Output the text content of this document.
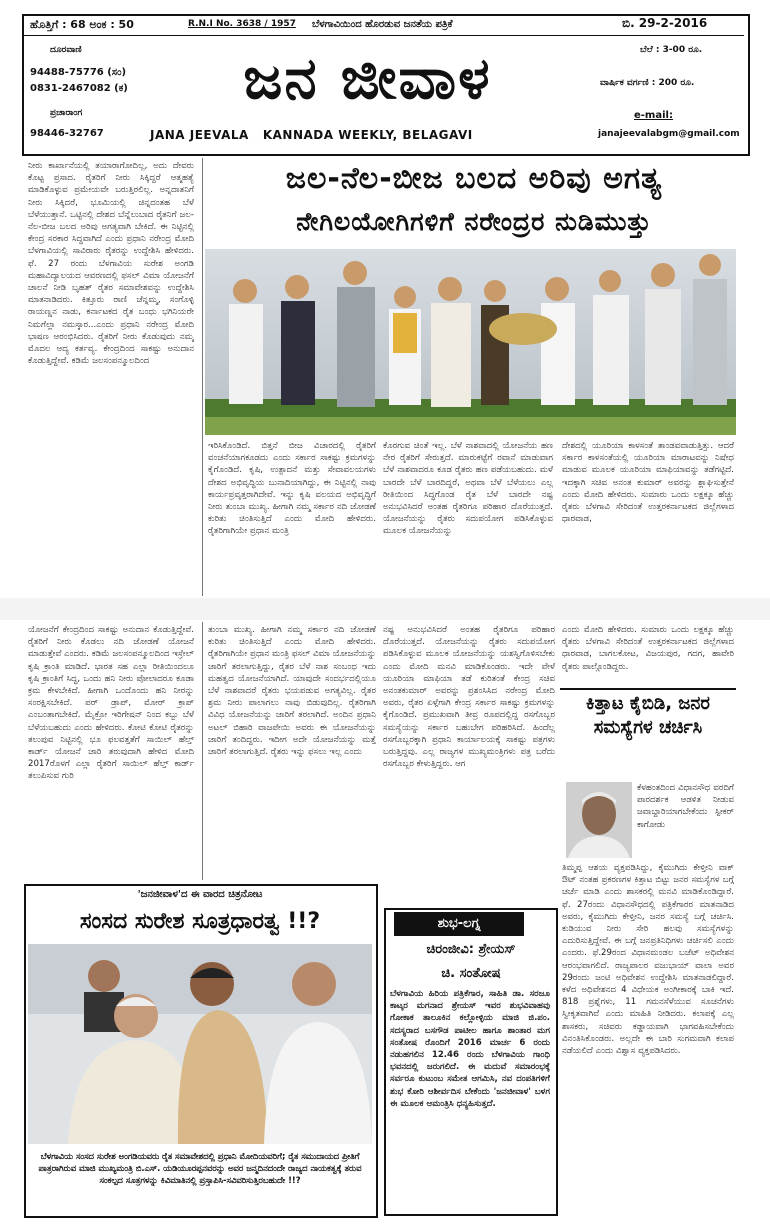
ಹೊತ್ತಿಗೆ : 68 ಅಂಕ : 50	R.N.I No. 3638 / 1957 ಬೆಳಗಾವಿಯಿಂದ ಹೊರಡುವ ಜನತೆಯ ಪತ್ರಿಕೆ	ಬಿ. 29-2-2016
ದೂರವಾಣಿ
94488-75776 (ಸಂ)
0831-2467082 (ಕ)
ಪ್ರಚಾರಾಂಗ
98446-32767
ಜನ ಜೀವಾಳ
JANA JEEVALA   KANNADA WEEKLY, BELAGAVI
ಬೆಲೆ : 3-00 ರೂ.
ವಾರ್ಷಿಕ ವರ್ಗಣಿ : 200 ರೂ.
e-mail:
janajeevalabgm@gmail.com
ನೀರು ಕಾರ್ಖಾನೆಯಲ್ಲಿ ತಯಾರಾಗೋದಿಲ್ಲ, ಅದು ದೇವರು ಕೊಟ್ಟ ಪ್ರಸಾದ. ರೈತರಿಗೆ ನೀರು ಸಿಕ್ಕಿದ್ದರೆ ಆತ್ಮಹತ್ಯೆ ಮಾಡಿಕೊಳ್ಳುವ ಪ್ರಮೇಯವೇ ಬರುತ್ತಿರಲಿಲ್ಲ. ಅನ್ನದಾತನಿಗೆ ನೀರು ಸಿಕ್ಕಿದರೆ, ಭೂಮಿಯಲ್ಲಿ ಚಿನ್ನದಂತಹ ಬೆಳೆ ಬೆಳೆಯುತ್ತಾನೆ. ಒಟ್ಟಿನಲ್ಲಿ ದೇಶದ ಬೆನ್ನೆಲುಬಾದ ರೈತನಿಗೆ ಜಲ-ನೆಲ-ಬೀಜ ಬಲದ ಅರಿವು ಅಗತ್ಯವಾಗಿ ಬೇಕಿದೆ. ಈ ನಿಟ್ಟಿನಲ್ಲಿ ಕೇಂದ್ರ ಸರಕಾರ ಸಿದ್ಧವಾಗಿದೆ ಎಂದು ಪ್ರಧಾನಿ ನರೇಂದ್ರ ಮೋದಿ ಬೆಳಗಾವಿಯಲ್ಲಿ ಸಾವಿರಾರು ರೈತರನ್ನು ಉದ್ದೇಶಿಸಿ ಹೇಳಿದರು. ಫೆ. 27 ರಂದು ಬೆಳಗಾವಿಯ ಸುರೇಶ ಅಂಗಡಿ ಮಹಾವಿದ್ಯಾಲಯದ ಆವರಣದಲ್ಲಿ ಫಸಲ್ ವಿಮಾ ಯೋಜನೆಗೆ ಚಾಲನೆ ನೀಡಿ ಬೃಹತ್ ರೈತರ ಸಮಾವೇಶವನ್ನು ಉದ್ದೇಶಿಸಿ ಮಾತನಾಡಿದರು. ಕಿತ್ತೂರು ರಾಣಿ ಚೆನ್ನಮ್ಮ, ಸಂಗೊಳ್ಳಿ ರಾಯಣ್ಣನ ನಾಡು, ಕರ್ನಾಟಕದ ರೈತ ಬಂಧು ಭಗಿನಿಯರೇ ನಿಮಗೆಲ್ಲಾ ನಮಸ್ಕಾರ...ಎಂದು ಪ್ರಧಾನಿ ನರೇಂದ್ರ ಮೋದಿ ಭಾಷಣ ಆರಂಭಿಸಿದರು. ರೈತರಿಗೆ ನೀರು ಕೊಡುವುದು ನಮ್ಮ ಮೊದಲ ಆದ್ಯ ಕರ್ತವ್ಯ. ಕೇಂದ್ರದಿಂದ ಸಾಕಷ್ಟು ಅನುದಾನ ಕೊಡುತ್ತಿದ್ದೇವೆ. ಕಡಿಮೆ ಜಲಸಂಪನ್ಮೂಲದಿಂದ
ಜಲ-ನೆಲ-ಬೀಜ ಬಲದ ಅರಿವು ಅಗತ್ಯ
ನೇಗಿಲಯೋಗಿಗಳಿಗೆ ನರೇಂದ್ರರ ನುಡಿಮುತ್ತು
ಇರಿಸಿಕೊಂಡಿದೆ. ಬಿತ್ತನೆ ಬೀಜ ವಿಚಾರದಲ್ಲಿ ರೈತರಿಗೆ ವಂಚನೆಯಾಗಕೂಡದು ಎಂದು ಸರ್ಕಾರ ಸಾಕಷ್ಟು ಕ್ರಮಗಳನ್ನು ಕೈಗೊಂಡಿದೆ. ಕೃಷಿ, ಉತ್ಪಾದನೆ ಮತ್ತು ಸೇವಾವಲಯಗಳು ದೇಶದ ಅಭಿವೃದ್ಧಿಯ ಬುನಾದಿಯಾಗಿದ್ದು, ಈ ನಿಟ್ಟಿನಲ್ಲಿ ನಾವು ಕಾರ್ಯಪ್ರವೃತ್ತರಾಗಿದೇವೆ. ಇನ್ನು ಕೃಷಿ ವಲಯದ ಅಭಿವೃದ್ಧಿಗೆ ನೀರು ತುಂಬಾ ಮುಖ್ಯ. ಹೀಗಾಗಿ ನಮ್ಮ ಸರ್ಕಾರ ನದಿ ಜೋಡಣೆ ಕುರಿತು ಚಿಂತಿಸುತ್ತಿದೆ ಎಂದು ಮೋದಿ ಹೇಳಿದರು. ರೈತರಿಗಾಗಿಯೇ ಪ್ರಧಾನ ಮಂತ್ರಿ
ಕೊರಗುವ ಚಿಂತೆ ಇಲ್ಲ. ಬೆಳೆ ನಾಶವಾದಲ್ಲಿ ಯೋಜನೆಯ ಹಣ ನೇರ ರೈತರಿಗೆ ಸೇರುತ್ತದೆ. ಮಾರುಕಟ್ಟೆಗೆ ರವಾನೆ ಮಾಡುವಾಗ ಬೆಳೆ ನಾಶವಾದರೂ ಕೂಡ ರೈತರು ಹಣ ಪಡೆಯಬಹುದು. ಮಳೆ ಬಾರದೇ ಬೆಳೆ ಬಾರದಿದ್ದರೆ, ಅಥವಾ ಬೆಳೆ ಬೆಳೆಯಲು ಎಲ್ಲ ರೀತಿಯಿಂದ ಸಿದ್ಧಗೊಂಡ ರೈತ ಬೆಳೆ ಬಾರದೇ ನಷ್ಟ ಅನುಭವಿಸಿದರೆ ಅಂತಹ ರೈತರಿಗೂ ಪರಿಹಾರ ದೊರೆಯುತ್ತದೆ. ಯೋಜನೆಯನ್ನು ರೈತರು ಸದುಪಯೋಗ ಪಡಿಸಿಕೊಳ್ಳುವ ಮೂಲಕ ಯೋಜನೆಯನ್ನು
ದೇಶದಲ್ಲಿ ಯೂರಿಯಾ ಕಾಳಸಂತೆ ತಾಂಡವವಾಡುತ್ತಿತ್ತು. ಆದರೆ ಸರ್ಕಾರ ಕಾಳಸಂತೆಯಲ್ಲಿ ಯೂರಿಯಾ ಮಾರಾಟವನ್ನು ನಿಷೇಧ ಮಾಡುವ ಮೂಲಕ ಯೂರಿಯಾ ಮಾಫಿಯಾವನ್ನು ತಡೆಗಟ್ಟಿದೆ. ಇದಕ್ಕಾಗಿ ಸಚಿವ ಅನಂತ ಕುಮಾರ್ ಅವರನ್ನು ಶ್ಲಾಘಿಸುತ್ತೇನೆ ಎಂದು ಮೋದಿ ಹೇಳಿದರು. ಸುಮಾರು ಒಂದು ಲಕ್ಷಕ್ಕೂ ಹೆಚ್ಚು ರೈತರು ಬೆಳಗಾವಿ ಸೇರಿದಂತೆ ಉತ್ತರಕರ್ನಾಟಕದ ಜಿಲ್ಲೆಗಳಾದ ಧಾರವಾಡ,
ಯೋಜನೆಗೆ ಕೇಂದ್ರದಿಂದ ಸಾಕಷ್ಟು ಅನುದಾನ ಕೊಡುತ್ತಿದ್ದೇವೆ. ರೈತರಿಗೆ ನೀರು ಕೊಡಲು ನದಿ ಜೋಡಣೆ ಯೋಜನೆ ಮಾಡುತ್ತೇವೆ ಎಂದರು. ಕಡಿಮೆ ಜಲಸಂಪನ್ಮೂಲದಿಂದ ಇಸ್ರೇಲ್ ಕೃಷಿ ಕ್ರಾಂತಿ ಮಾಡಿದೆ. ಭಾರತ ಸಹ ಎಲ್ಲಾ ರೀತಿಯಿಂದಲೂ ಕೃಷಿ ಕ್ರಾಂತಿಗೆ ಸಿದ್ಧ, ಒಂದು ಹನಿ ನೀರು ಪೋಲಾದರೂ ಕೂಡಾ ಕ್ರಮ ಕೇಳಬೇಕಿದೆ. ಹೀಗಾಗಿ ಒಂದೊಂದು ಹನಿ ನೀರನ್ನು ಸಂರಕ್ಷಿಸಬೇಕಿದೆ. ಪರ್ ಡ್ರಾಪ್, ಮೋರ್ ಕ್ರಾಪ್ ಎಂಬಂತಾಗಬೇಕಿದೆ. ಮೈಕ್ರೋ ಇರಿಗೇಷನ್ ನಿಂದ ಕಬ್ಬು ಬೆಳೆ ಬೆಳೆಯಬಹುದು ಎಂದು ಹೇಳಿದರು. ಕೋಟಿ ಕೋಟಿ ರೈತರನ್ನು ತಲುಪುವ ನಿಟ್ಟಿನಲ್ಲಿ ಭೂ ಫಲವತ್ತತೆಗೆ ಸಾಯಿಲ್ ಹೆಲ್ತ್ ಕಾರ್ಡ್ ಯೋಜನೆ ಜಾರಿ ತರುವುದಾಗಿ ಹೇಳಿದ ಮೋದಿ 2017ರೊಳಗೆ ಎಲ್ಲಾ ರೈತರಿಗೆ ಸಾಯಿಲ್ ಹೆಲ್ತ್ ಕಾರ್ಡ್ ತಲುಪಿಸುವ ಗುರಿ
ತುಂಬಾ ಮುಖ್ಯ. ಹೀಗಾಗಿ ನಮ್ಮ ಸರ್ಕಾರ ನದಿ ಜೋಡಣೆ ಕುರಿತು ಚಿಂತಿಸುತ್ತಿದೆ ಎಂದು ಮೋದಿ ಹೇಳಿದರು. ರೈತರಿಗಾಗಿಯೇ ಪ್ರಧಾನ ಮಂತ್ರಿ ಫಸಲ್ ವಿಮಾ ಯೋಜನೆಯನ್ನು ಜಾರಿಗೆ ತರಲಾಗುತ್ತಿದ್ದು, ರೈತರ ಬೆಳೆ ನಾಶ ಸಂಬಂಧ ಇದು ಮಹತ್ವದ ಯೋಜನೆಯಾಗಿದೆ. ಯಾವುದೇ ಸಂದರ್ಭದಲ್ಲಿಯೂ ಬೆಳೆ ನಾಶವಾದರೆ ರೈತರು ಭಯಪಡುವ ಅಗತ್ಯವಿಲ್ಲ. ರೈತರ ಶ್ರಮ ನೀರು ಪಾಲಾಗಲು ನಾವು ಬಿಡುವುದಿಲ್ಲ. ರೈತರಿಗಾಗಿ ವಿವಿಧ ಯೋಜನೆಯನ್ನು ಜಾರಿಗೆ ತರಲಾಗಿದೆ. ಅಂದಿನ ಪ್ರಧಾನಿ ಅಟಲ್ ಬಿಹಾರಿ ವಾಜಪೇಯಿ ಅವರು ಈ ಯೋಜನೆಯನ್ನು ಜಾರಿಗೆ ತಂದಿದ್ದರು. ಇದೀಗ ಅದೇ ಯೋಜನೆಯನ್ನು ಮತ್ತೆ ಜಾರಿಗೆ ತರಲಾಗುತ್ತಿದೆ. ರೈತರು ಇನ್ನು ಫಸಲು ಇಲ್ಲ ಎಂದು
ನಷ್ಟ ಅನುಭವಿಸಿದರೆ ಅಂತಹ ರೈತರಿಗೂ ಪರಿಹಾರ ದೊರೆಯುತ್ತದೆ. ಯೋಜನೆಯನ್ನು ರೈತರು ಸದುಪಯೋಗ ಪಡಿಸಿಕೊಳ್ಳುವ ಮೂಲಕ ಯೋಜನೆಯನ್ನು ಯಶಸ್ವಿಗೊಳಿಸಬೇಕು ಎಂದು ಮೋದಿ ಮನವಿ ಮಾಡಿಕೊಂಡರು. ಇದೇ ವೇಳೆ ಯೂರಿಯಾ ಮಾಫಿಯಾ ತಡೆ ಕುರಿತಂತೆ ಕೇಂದ್ರ ಸಚಿವ ಅನಂತಕುಮಾರ್ ಅವರನ್ನು ಪ್ರಶಂಸಿಸಿದ ನರೇಂದ್ರ ಮೋದಿ ಅವರು, ರೈತರ ಏಳ್ಗೆಗಾಗಿ ಕೇಂದ್ರ ಸರ್ಕಾರ ಸಾಕಷ್ಟು ಕ್ರಮಗಳನ್ನು ಕೈಗೊಂಡಿದೆ. ಪ್ರಮುಖವಾಗಿ ತೀವ್ರ ರೂಪದಲ್ಲಿದ್ದ ರಸಗೊಬ್ಬರ ಸಮಸ್ಯೆಯನ್ನು ಸರ್ಕಾರ ಬಹುಬೇಗ ಪರಿಹರಿಸಿದೆ. ಹಿಂದೆಲ್ಲ ರಸಗೊಬ್ಬರಕ್ಕಾಗಿ ಪ್ರಧಾನಿ ಕಾರ್ಯಾಲಯಕ್ಕೆ ಸಾಕಷ್ಟು ಪತ್ರಗಳು ಬರುತ್ತಿದ್ದವು. ಎಲ್ಲ ರಾಜ್ಯಗಳ ಮುಖ್ಯಮಂತ್ರಿಗಳು ಪತ್ರ ಬರೆದು ರಸಗೊಬ್ಬರ ಕೇಳುತ್ತಿದ್ದರು. ಆಗ
ಎಂದು ಮೋದಿ ಹೇಳಿದರು. ಸುಮಾರು ಒಂದು ಲಕ್ಷಕ್ಕೂ ಹೆಚ್ಚು ರೈತರು ಬೆಳಗಾವಿ ಸೇರಿದಂತೆ ಉತ್ತರಕರ್ನಾಟಕದ ಜಿಲ್ಲೆಗಳಾದ ಧಾರವಾಡ, ಬಾಗಲಕೋಟ, ವಿಜಯಪುರ, ಗದಗ, ಹಾವೇರಿ ರೈತರು ಪಾಲ್ಗೊಂಡಿದ್ದರು.
ಕಿತ್ತಾಟ ಕೈಬಿಡಿ, ಜನರ ಸಮಸ್ಯೆಗಳ ಚರ್ಚಿಸಿ
ಕೆಳಹಂತದಿಂದ ವಿಧಾನಸೌಧ ವರದಿಗೆ ಪಾರದರ್ಶಕ ಆಡಳಿತ ನೀಡುವ ಜವಾಬ್ದಾರಿಯಾಗಬೇಕೆಂದು ಸ್ಪೀಕರ್ ಕಾಗೋಡು
ತಿಮ್ಮಪ್ಪ ಆಶಯ ವ್ಯಕ್ತಪಡಿಸಿದ್ದು, ಕೈಮುಗಿದು ಕೇಳ್ತೀನಿ ವಾಕ್ ಔಟ್ ನಂತಹ ಪ್ರಕರಣಗಳ ಕಿತ್ತಾಟ ಬಿಟ್ಟು ಜನರ ಸಮಸ್ಯೆಗಳ ಬಗ್ಗೆ ಚರ್ಚೆ ಮಾಡಿ ಎಂದು ಶಾಸಕರಲ್ಲಿ ಮನವಿ ಮಾಡಿಕೊಂಡಿದ್ದಾರೆ. ಫೆ. 27ರಂದು ವಿಧಾನಸೌಧದಲ್ಲಿ ಪತ್ರಿಕೆಗಾರರ ಮಾತನಾಡಿದ ಅವರು, ಕೈಮುಗಿದು ಕೇಳ್ತೀನಿ, ಜನರ ಸಮಸ್ಯೆ ಬಗ್ಗೆ ಚರ್ಚಿಸಿ. ಕುಡಿಯುವ ನೀರು ಸೇರಿ ಹಲವು ಸಮಸ್ಯೆಗಳನ್ನು ಎದುರಿಸುತ್ತಿದ್ದೇವೆ. ಈ ಬಗ್ಗೆ ಜನಪ್ರತಿನಿಧಿಗಳು ಚರ್ಚಿಸಲಿ ಎಂದು ಎಂದರು. ಫೆ.29ರಂದ ವಿಧಾನಮಂಡಲ ಬಜೆಟ್ ಅಧಿವೇಶನ ಆರಂಭವಾಗಲಿದೆ. ರಾಜ್ಯಪಾಲರ ವಜುಭಾಯ್ ವಾಲಾ ಅವರ 29ರಂದು ಜಂಟಿ ಅಧಿವೇಶನ ಉದ್ದೇಶಿಸಿ ಮಾತನಾಡಲಿದ್ದಾರೆ. ಕಳೆದ ಅಧಿವೇಶನದ 4 ವಿಧೇಯಕ ಅಂಗೀಕಾರಕ್ಕೆ ಬಾಕಿ ಇದೆ. 818 ಪ್ರಶ್ನೆಗಳು, 11 ಗಮನಸೆಳೆಯುವ ಸೂಚನೆಗಳು ಸ್ವೀಕೃತವಾಗಿವೆ ಎಂದು ಮಾಹಿತಿ ನೀಡಿದರು. ಕಲಾಪಕ್ಕೆ ಎಲ್ಲ ಶಾಸಕರು, ಸಚಿವರು ಕಡ್ಡಾಯವಾಗಿ ಭಾಗವಹಿಸಬೇಕೆಂದು ವಿನಂತಿಸಿಕೊಂಡರು. ಅಲ್ಲದೇ ಈ ಬಾರಿ ಸುಗಮವಾಗಿ ಕಲಾಪ ನಡೆಯಲಿದೆ ಎಂದು ವಿಶ್ವಾಸ ವ್ಯಕ್ತಪಡಿಸಿದರು.
'ಜನಜೀವಾಳ'ದ ಈ ವಾರದ ಚಿತ್ರನೋಟ
ಸಂಸದ ಸುರೇಶ ಸೂತ್ರಧಾರತ್ವ !!?
ಬೆಳಗಾವಿಯ ಸಂಸದ ಸುರೇಶ ಅಂಗಡಿಯವರು ರೈತ ಸಮಾವೇಶದಲ್ಲಿ ಪ್ರಧಾನಿ ಮೋದಿಯವರಿಗೆ; ರೈತ ಸಮುದಾಯದ ಪ್ರೀತಿಗೆ ಪಾತ್ರರಾಗಿರುವ ಮಾಜಿ ಮುಖ್ಯಮಂತ್ರಿ ಬಿ.ಎಸ್. ಯಡಿಯೂರಪ್ಪನವರನ್ನು ಅವರ ಜನ್ಮದಿನದಂದೇ ರಾಜ್ಯದ ನಾಯಕತ್ವಕ್ಕೆ ತರುವ ಸಂಕಲ್ಪದ ಸೂತ್ರಗಳನ್ನು ಕಿವಿಮಾತಿನಲ್ಲಿ ಪ್ರಸ್ತಾಪಿಸಿ-ಸವಿವರಿಸುತ್ತಿರಬಹುದೇ !!?
ಶುಭ-ಲಗ್ನ
ಚಿರಂಜೀವಿ: ಶ್ರೇಯಸ್
ಚಿ. ಸಂತೋಷ
ಬೆಳಗಾವಿಯ ಹಿರಿಯ ಪತ್ರಿಕೆಗಾರ, ಸಾಹಿತಿ ಡಾ. ಸರಜೂ ಕಾಟ್ಕರ ಮಗನಾದ ಶ್ರೇಯಸ್ ಇವರ ಶುಭವಿವಾಹವು ಗೋಕಾಕ ತಾಲೂಕಿನ ಕಲ್ಲೋಳ್ಳಿಯ ಮಾಜಿ ಜಿ.ಪಂ. ಸದಸ್ಯರಾದ ಬಸಗೌಡ ಪಾಟೀಲ ಹಾಗೂ ಶಾಂತಾರ ಮಗ ಸಂತೋಷ ರೊಂದಿಗೆ 2016 ಮಾರ್ಚ 6 ರಂದು ನಡುಹಗಲಿನ 12.46 ರಂದು ಬೆಳಗಾವಿಯ ಗಾಂಧಿ ಭವನದಲ್ಲಿ ಜರುಗಲಿದೆ. ಈ ಮದುವೆ ಸಮಾರಂಭಕ್ಕೆ ಸರ್ವರೂ ಕುಟುಂಬ ಸಮೇತ ಆಗಮಿಸಿ, ನವ ದಂಪತಿಗಳಿಗೆ ಶುಭ ಕೋರಿ ಆಶೀರ್ವದಿಸ ಬೇಕೆಂದು 'ಜನಜೀವಾಳ' ಬಳಗ ಈ ಮೂಲಕ ಆಮಂತ್ರಿಸಿ ಧನ್ಯಹಿಸುತ್ತದೆ.
